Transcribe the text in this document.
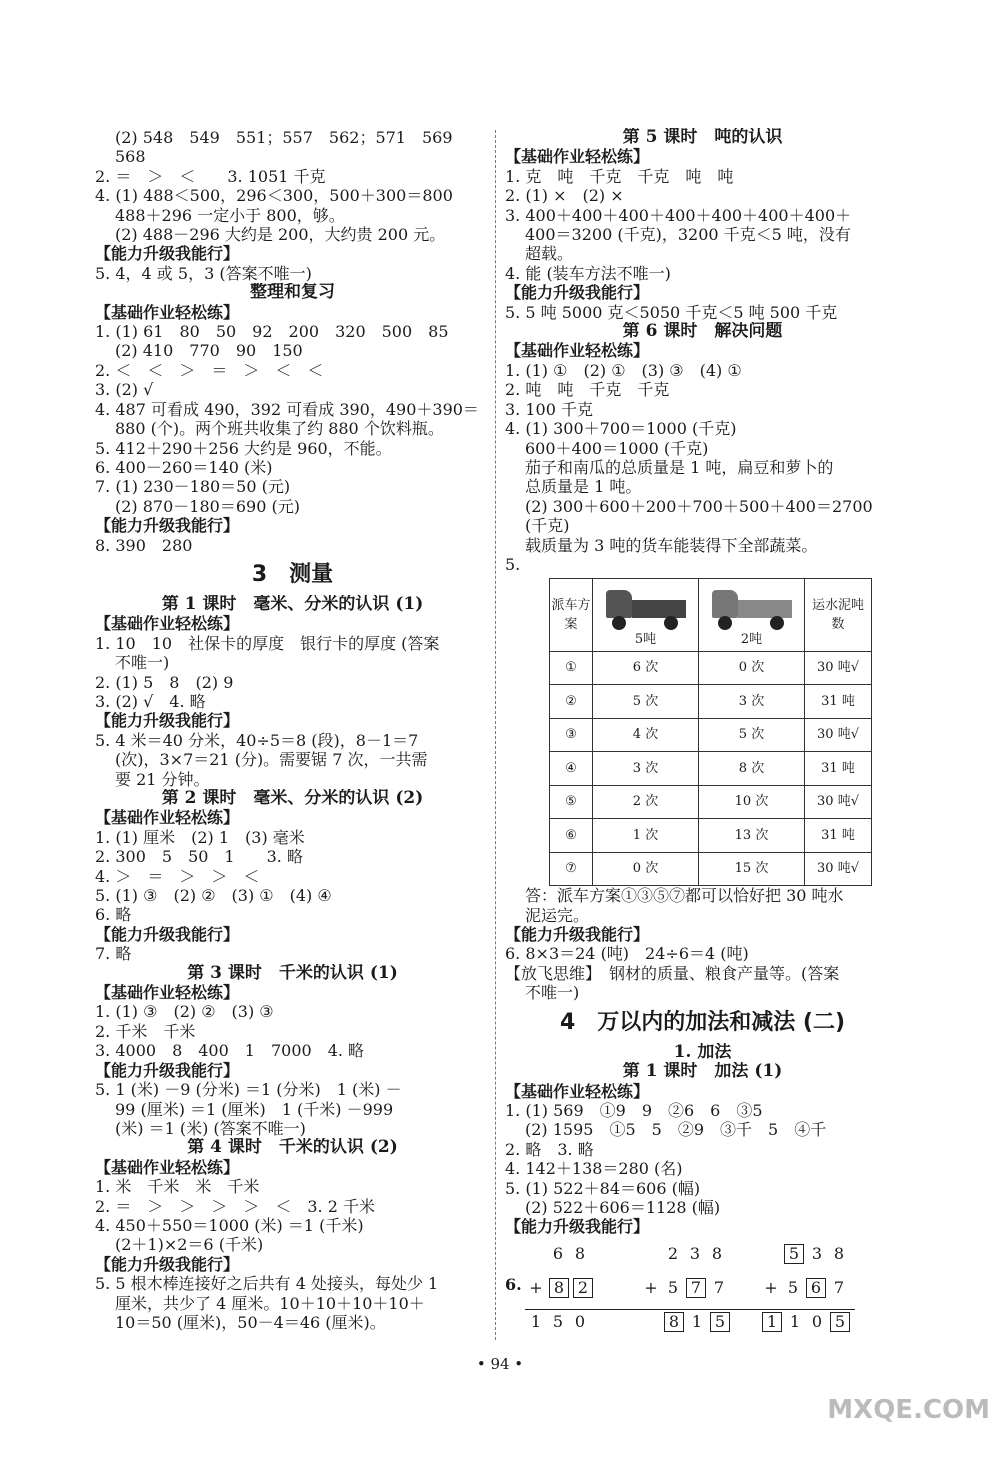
(2) 548　549　551；557　562；571　569
568
2. ＝　＞　＜　　3. 1051 千克
4. (1) 488＜500，296＜300，500＋300＝800
488＋296 一定小于 800，够。
(2) 488－296 大约是 200，大约贵 200 元。
【能力升级我能行】
5. 4，4 或 5，3 (答案不唯一)
整理和复习
【基础作业轻松练】
1. (1) 61　80　50　92　200　320　500　85
(2) 410　770　90　150
2. ＜　＜　＞　＝　＞　＜　＜
3. (2) √
4. 487 可看成 490，392 可看成 390，490＋390＝
880 (个)。两个班共收集了约 880 个饮料瓶。
5. 412＋290＋256 大约是 960，不能。
6. 400－260＝140 (米)
7. (1) 230－180＝50 (元)
(2) 870－180＝690 (元)
【能力升级我能行】
8. 390　280
3　测量
第 1 课时　毫米、分米的认识 (1)
【基础作业轻松练】
1. 10　10　社保卡的厚度　银行卡的厚度 (答案
不唯一)
2. (1) 5　8　(2) 9
3. (2) √　4. 略
【能力升级我能行】
5. 4 米＝40 分米，40÷5＝8 (段)，8－1＝7
(次)，3×7＝21 (分)。需要锯 7 次，一共需
要 21 分钟。
第 2 课时　毫米、分米的认识 (2)
【基础作业轻松练】
1. (1) 厘米　(2) 1　(3) 毫米
2. 300　5　50　1　　3. 略
4. ＞　＝　＞　＞　＜
5. (1) ③　(2) ②　(3) ①　(4) ④
6. 略
【能力升级我能行】
7. 略
第 3 课时　千米的认识 (1)
【基础作业轻松练】
1. (1) ③　(2) ②　(3) ③
2. 千米　千米
3. 4000　8　400　1　7000　4. 略
【能力升级我能行】
5. 1 (米) －9 (分米) ＝1 (分米)　1 (米) －
99 (厘米) ＝1 (厘米)　1 (千米) －999
(米) ＝1 (米) (答案不唯一)
第 4 课时　千米的认识 (2)
【基础作业轻松练】
1. 米　千米　米　千米
2. ＝　＞　＞　＞　＞　＜　3. 2 千米
4. 450＋550＝1000 (米) ＝1 (千米)
(2＋1)×2＝6 (千米)
【能力升级我能行】
5. 5 根木棒连接好之后共有 4 处接头，每处少 1
厘米，共少了 4 厘米。10＋10＋10＋10＋
10＝50 (厘米)，50－4＝46 (厘米)。
第 5 课时　吨的认识
【基础作业轻松练】
1. 克　吨　千克　千克　吨　吨
2. (1) ×　(2) ×
3. 400＋400＋400＋400＋400＋400＋400＋
400＝3200 (千克)，3200 千克＜5 吨，没有
超载。
4. 能 (装车方法不唯一)
【能力升级我能行】
5. 5 吨 5000 克＜5050 千克＜5 吨 500 千克
第 6 课时　解决问题
【基础作业轻松练】
1. (1) ①　(2) ①　(3) ③　(4) ①
2. 吨　吨　千克　千克
3. 100 千克
4. (1) 300＋700＝1000 (千克)
600＋400＝1000 (千克)
茄子和南瓜的总质量是 1 吨，扁豆和萝卜的
总质量是 1 吨。
(2) 300＋600＋200＋700＋500＋400＝2700
(千克)
载质量为 3 吨的货车能装得下全部蔬菜。
5.
派车方案	5吨	2吨	运水泥吨数
①	6 次	0 次	30 吨√
②	5 次	3 次	31 吨
③	4 次	5 次	30 吨√
④	3 次	8 次	31 吨
⑤	2 次	10 次	30 吨√
⑥	1 次	13 次	31 吨
⑦	0 次	15 次	30 吨√
答：派车方案①③⑤⑦都可以恰好把 30 吨水
泥运完。
【能力升级我能行】
6. 8×3＝24 (吨)　24÷6＝4 (吨)
【放飞思维】　钢材的质量、粮食产量等。(答案
不唯一)
4　万以内的加法和减法 (二)
1. 加法
第 1 课时　加法 (1)
【基础作业轻松练】
1. (1) 569　①9　9　②6　6　③5
(2) 1595　①5　5　②9　③千　5　④千
2. 略　3. 略
4. 142＋138＝280 (名)
5. (1) 522＋84＝606 (幅)
(2) 522＋606＝1128 (幅)
【能力升级我能行】
6.
6 8
+ 8 2
1 5 0
2 3 8
+ 5 7 7
8 1 5
5 3 8
+ 5 6 7
1 1 0 5
• 94 •
MXQE.COM
